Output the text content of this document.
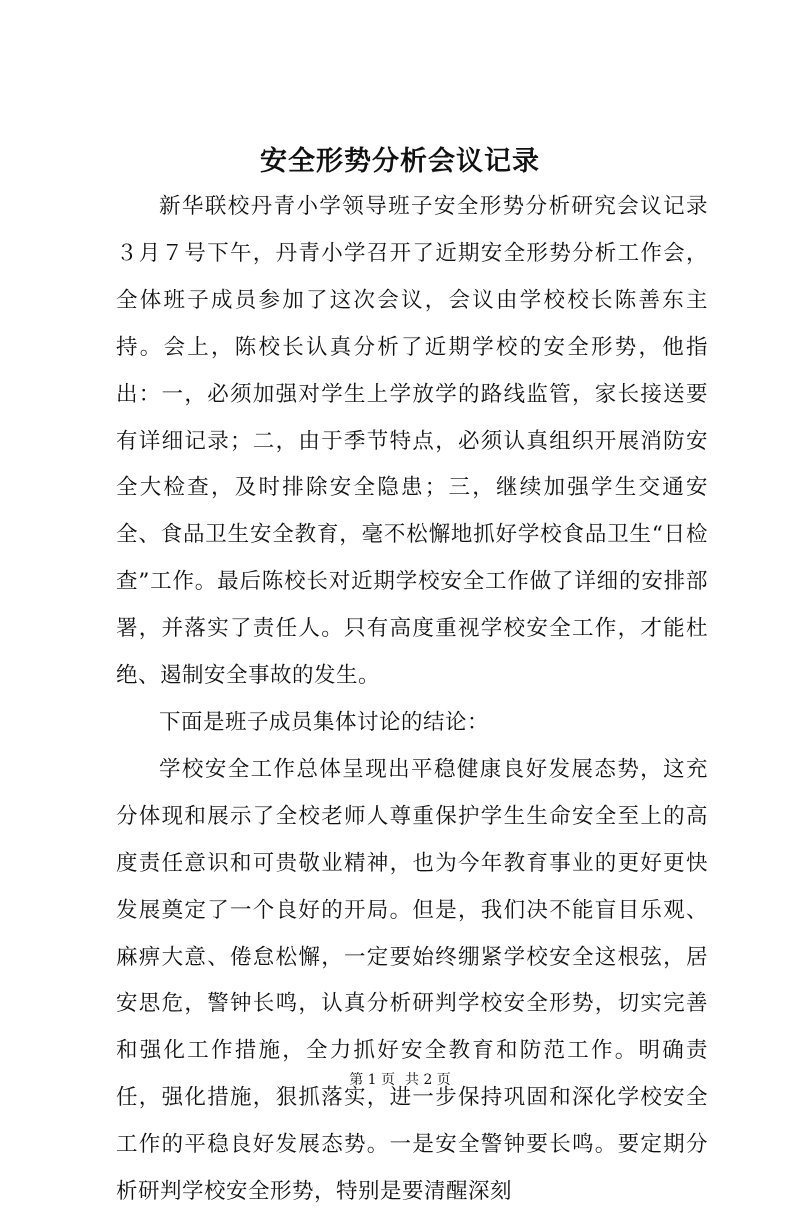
安全形势分析会议记录

新华联校丹青小学领导班子安全形势分析研究会议记录３月７号下午，丹青小学召开了近期安全形势分析工作会，全体班子成员参加了这次会议，会议由学校校长陈善东主持。会上，陈校长认真分析了近期学校的安全形势，他指出：一，必须加强对学生上学放学的路线监管，家长接送要有详细记录；二，由于季节特点，必须认真组织开展消防安全大检查，及时排除安全隐患；三，继续加强学生交通安全、食品卫生安全教育，毫不松懈地抓好学校食品卫生“日检查”工作。最后陈校长对近期学校安全工作做了详细的安排部署，并落实了责任人。只有高度重视学校安全工作，才能杜绝、遏制安全事故的发生。

下面是班子成员集体讨论的结论：

学校安全工作总体呈现出平稳健康良好发展态势，这充分体现和展示了全校老师人尊重保护学生生命安全至上的高度责任意识和可贵敬业精神，也为今年教育事业的更好更快发展奠定了一个良好的开局。但是，我们决不能盲目乐观、麻痹大意、倦怠松懈，一定要始终绷紧学校安全这根弦，居安思危，警钟长鸣，认真分析研判学校安全形势，切实完善和强化工作措施，全力抓好安全教育和防范工作。明确责任，强化措施，狠抓落实，进一步保持巩固和深化学校安全工作的平稳良好发展态势。一是安全警钟要长鸣。要定期分析研判学校安全形势，特别是要清醒深刻

第 1 页 共 2 页
